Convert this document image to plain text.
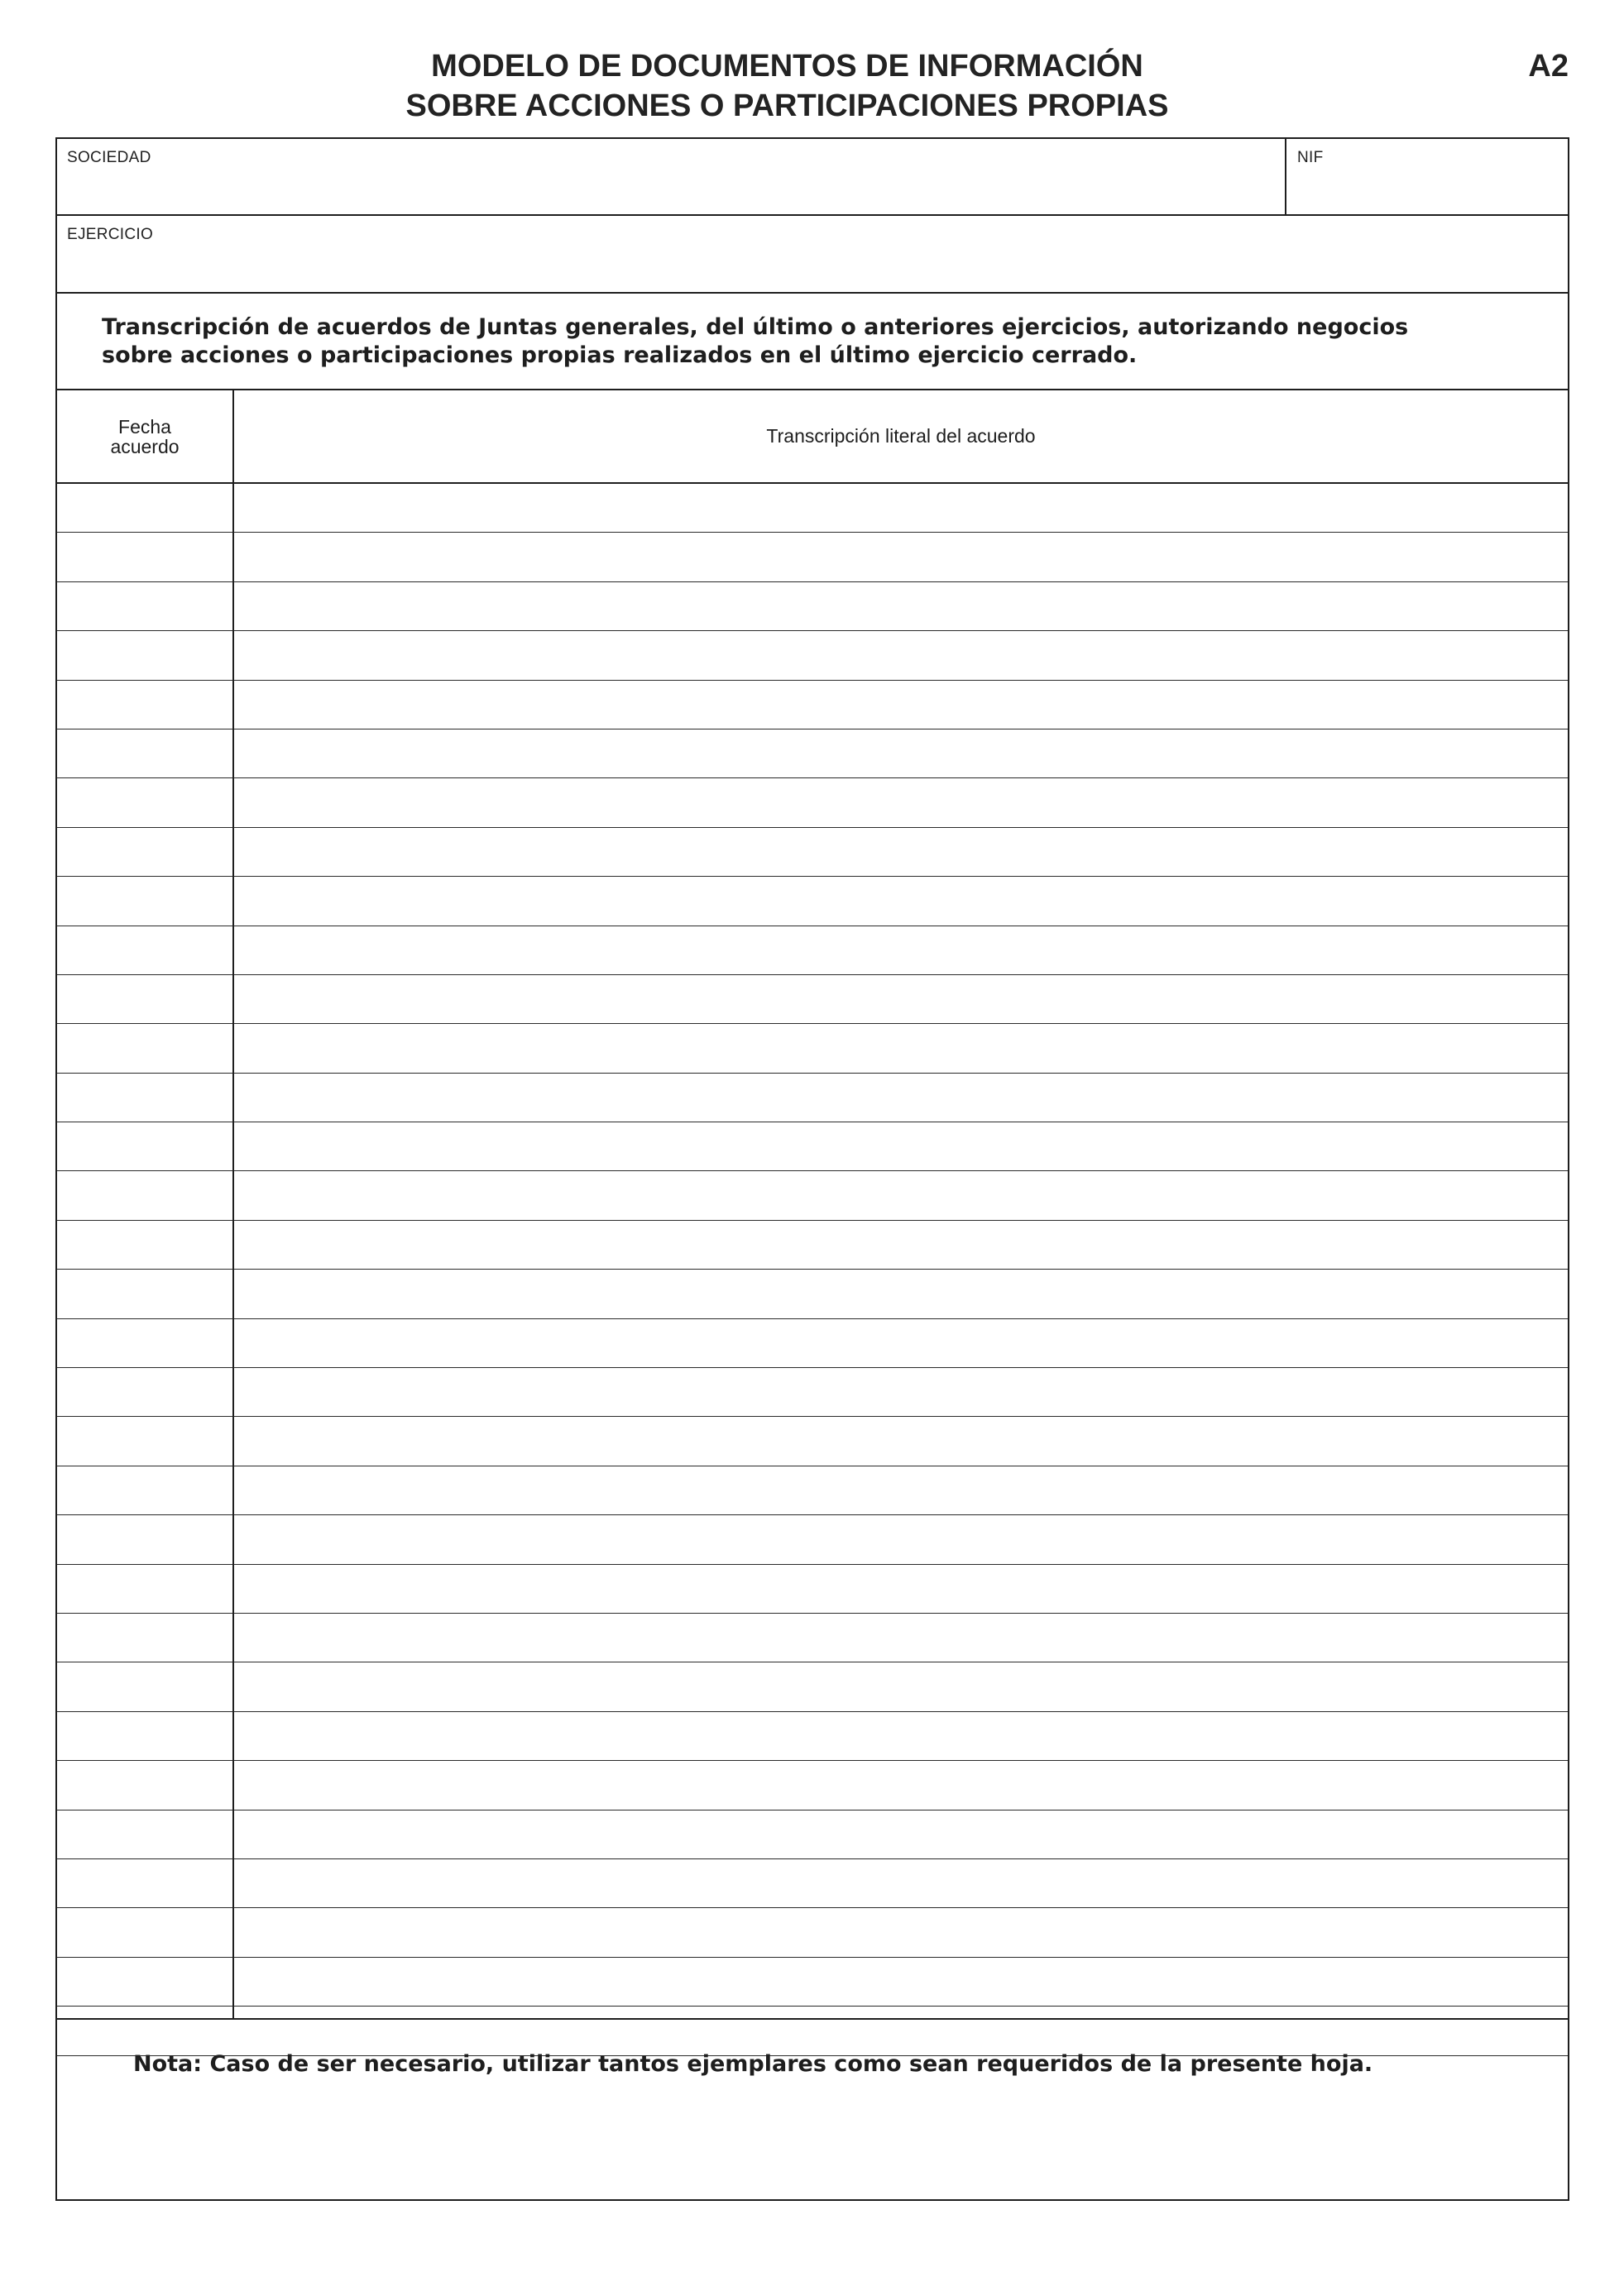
MODELO DE DOCUMENTOS DE INFORMACIÓN
SOBRE ACCIONES O PARTICIPACIONES PROPIAS
A2
SOCIEDAD	NIF
EJERCICIO
Transcripción de acuerdos de Juntas generales, del último o anteriores ejercicios, autorizando negocios
sobre acciones o participaciones propias realizados en el último ejercicio cerrado.
Fecha
acuerdo	Transcripción literal del acuerdo
Nota: Caso de ser necesario, utilizar tantos ejemplares como sean requeridos de la presente hoja.
